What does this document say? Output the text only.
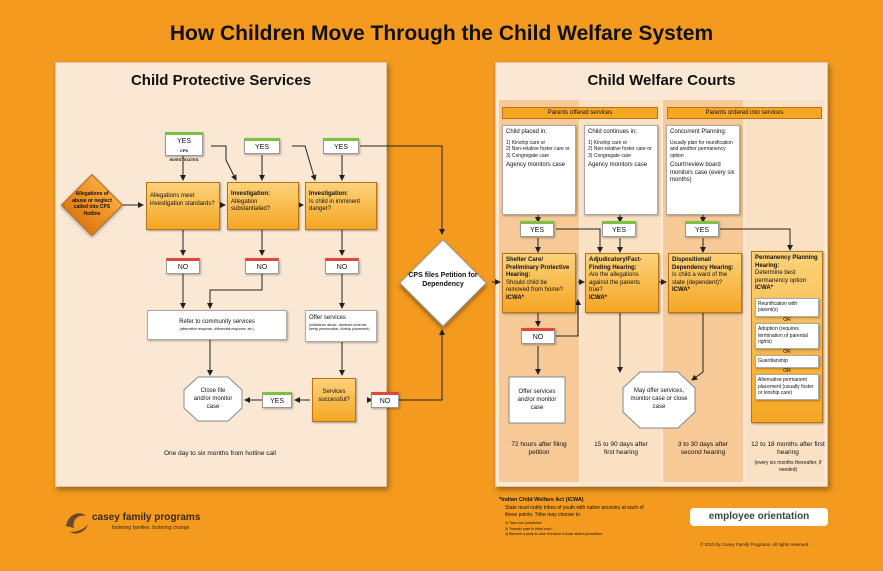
How Children Move Through the Child Welfare System
Child Protective Services	Child Welfare Courts
Allegations of abuse or neglect called into CPS Hotline
YES
CPS INVESTIGATES
YES	YES
Allegations meet investigation standards?
Investigation:
Allegation substantiated?
Investigation:
Is child in imminent danger?
NO	NO	NO
Refer to community services
(alternative response, differential response, etc.)
Offer services
(substance abuse, domestic violence, family preservation, kinship placement)
Close file and/or monitor case
YES
Services successful?	NO
One day to six months from hotline call
CPS files Petition for Dependency
Parents offered services	Parents ordered into services
Child placed in:
1) Kinship care or
2) Non-relative foster care or
3) Congregate care
Agency monitors case
Child continues in:
1) Kinship care or
2) Non-relative foster care or
3) Congregate care
Agency monitors case
Concurrent Planning:
Usually plan for reunification and another permanency option
Court/review board monitors case (every six months)
YES	YES	YES
Shelter Care/ Preliminary Protective Hearing:
Should child be removed from home?
ICWA*
Adjudicatory/Fact-Finding Hearing:
Are the allegations against the parents true?
ICWA*
Dispositional/ Dependency Hearing:
Is child a ward of the state (dependent)?
ICWA*
Permanency Planning Hearing:
Determine best permanency option
ICWA*
Reunification with parent(s)
OR
Adoption (requires termination of parental rights)
OR
Guardianship
OR
Alternative permanent placement (usually foster or kinship care)
NO
Offer services and/or monitor case
May offer services, monitor case or close case
72 hours after filing petition
15 to 90 days after first hearing
3 to 30 days after second hearing
12 to 18 months after first hearing
(every six months thereafter, if needed)
*Indian Child Welfare Act (ICWA)
State must notify tribes of youth with native ancestry at each of these points. Tribe may choose to:
1) Take over jurisdiction
2) Transfer case to tribal court
3) Become a party to case but leave it under state's jurisdiction
casey family programs
fostering families. fostering change.
employee orientation
© 2010 by Casey Family Programs. All rights reserved.
